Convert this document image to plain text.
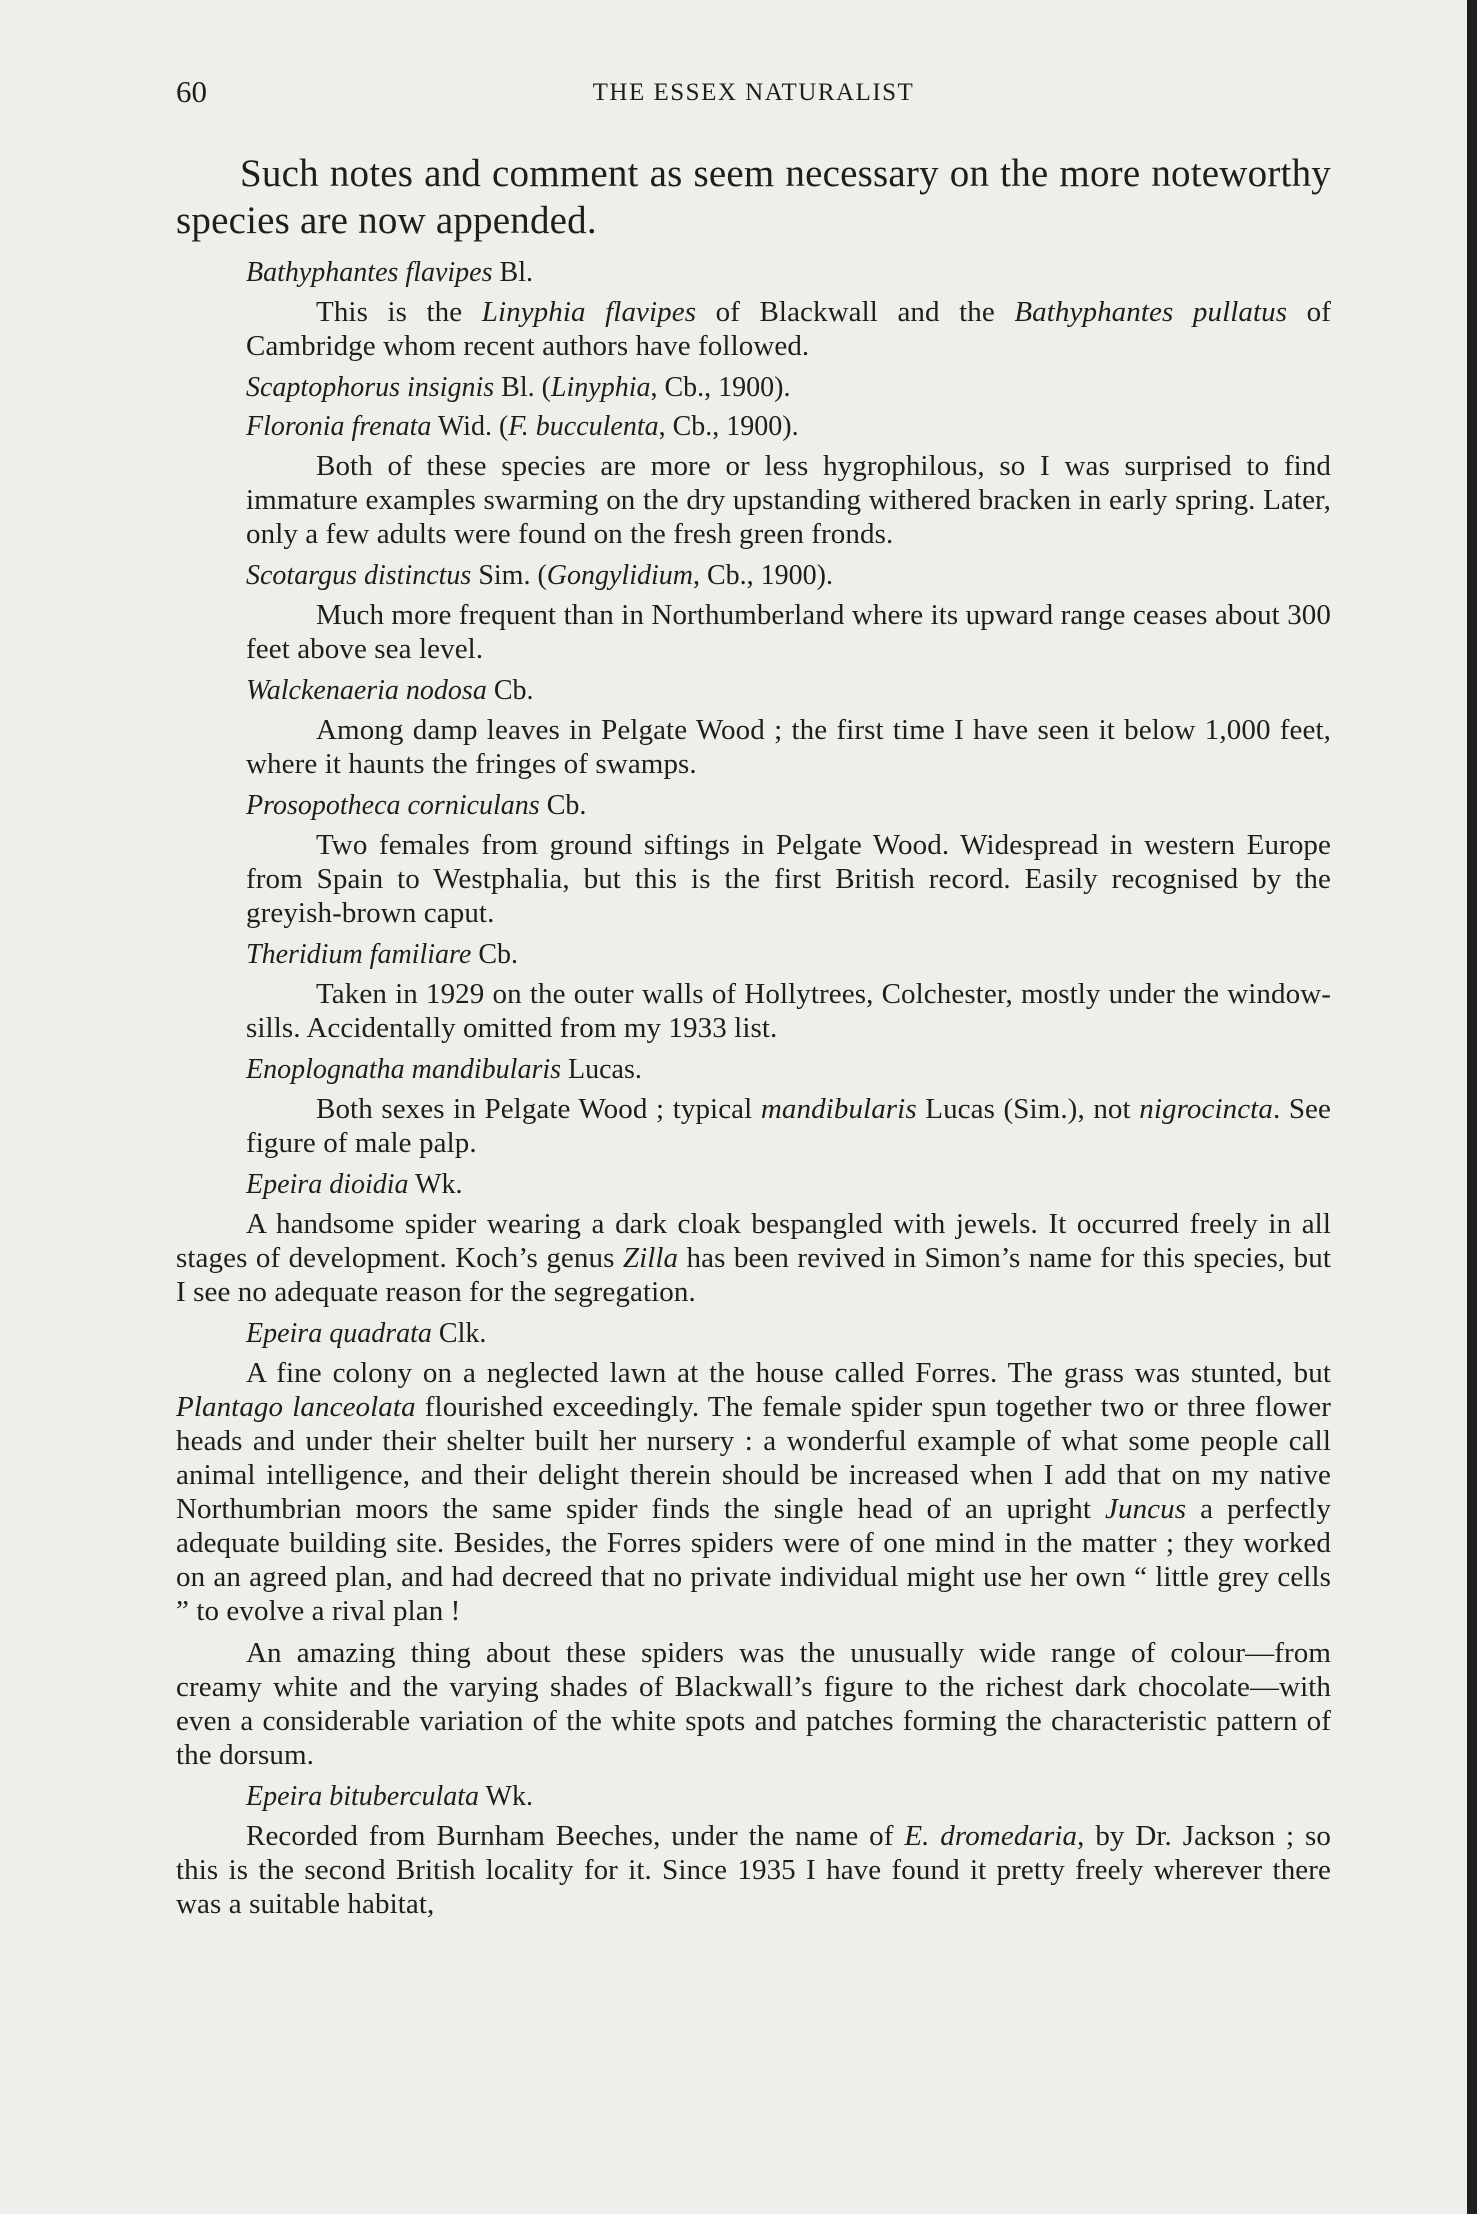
60	THE ESSEX NATURALIST

Such notes and comment as seem necessary on the more noteworthy species are now appended.

Bathyphantes flavipes Bl.

This is the Linyphia flavipes of Blackwall and the Bathyphantes pullatus of Cambridge whom recent authors have followed.

Scaptophorus insignis Bl. (Linyphia, Cb., 1900).
Floronia frenata Wid. (F. bucculenta, Cb., 1900).

Both of these species are more or less hygrophilous, so I was surprised to find immature examples swarming on the dry upstanding withered bracken in early spring. Later, only a few adults were found on the fresh green fronds.

Scotargus distinctus Sim. (Gongylidium, Cb., 1900).

Much more frequent than in Northumberland where its upward range ceases about 300 feet above sea level.

Walckenaeria nodosa Cb.

Among damp leaves in Pelgate Wood ; the first time I have seen it below 1,000 feet, where it haunts the fringes of swamps.

Prosopotheca corniculans Cb.

Two females from ground siftings in Pelgate Wood. Widespread in western Europe from Spain to Westphalia, but this is the first British record. Easily recognised by the greyish-brown caput.

Theridium familiare Cb.

Taken in 1929 on the outer walls of Hollytrees, Colchester, mostly under the window-sills. Accidentally omitted from my 1933 list.

Enoplognatha mandibularis Lucas.

Both sexes in Pelgate Wood ; typical mandibularis Lucas (Sim.), not nigrocincta. See figure of male palp.

Epeira dioidia Wk.

A handsome spider wearing a dark cloak bespangled with jewels. It occurred freely in all stages of development. Koch’s genus Zilla has been revived in Simon’s name for this species, but I see no adequate reason for the segregation.

Epeira quadrata Clk.

A fine colony on a neglected lawn at the house called Forres. The grass was stunted, but Plantago lanceolata flourished exceedingly. The female spider spun together two or three flower heads and under their shelter built her nursery : a wonderful example of what some people call animal intelligence, and their delight therein should be increased when I add that on my native Northumbrian moors the same spider finds the single head of an upright Juncus a perfectly adequate building site. Besides, the Forres spiders were of one mind in the matter ; they worked on an agreed plan, and had decreed that no private individual might use her own “ little grey cells ” to evolve a rival plan !

An amazing thing about these spiders was the unusually wide range of colour—from creamy white and the varying shades of Blackwall’s figure to the richest dark chocolate—with even a considerable variation of the white spots and patches forming the characteristic pattern of the dorsum.

Epeira bituberculata Wk.

Recorded from Burnham Beeches, under the name of E. dromedaria, by Dr. Jackson ; so this is the second British locality for it. Since 1935 I have found it pretty freely wherever there was a suitable habitat,
